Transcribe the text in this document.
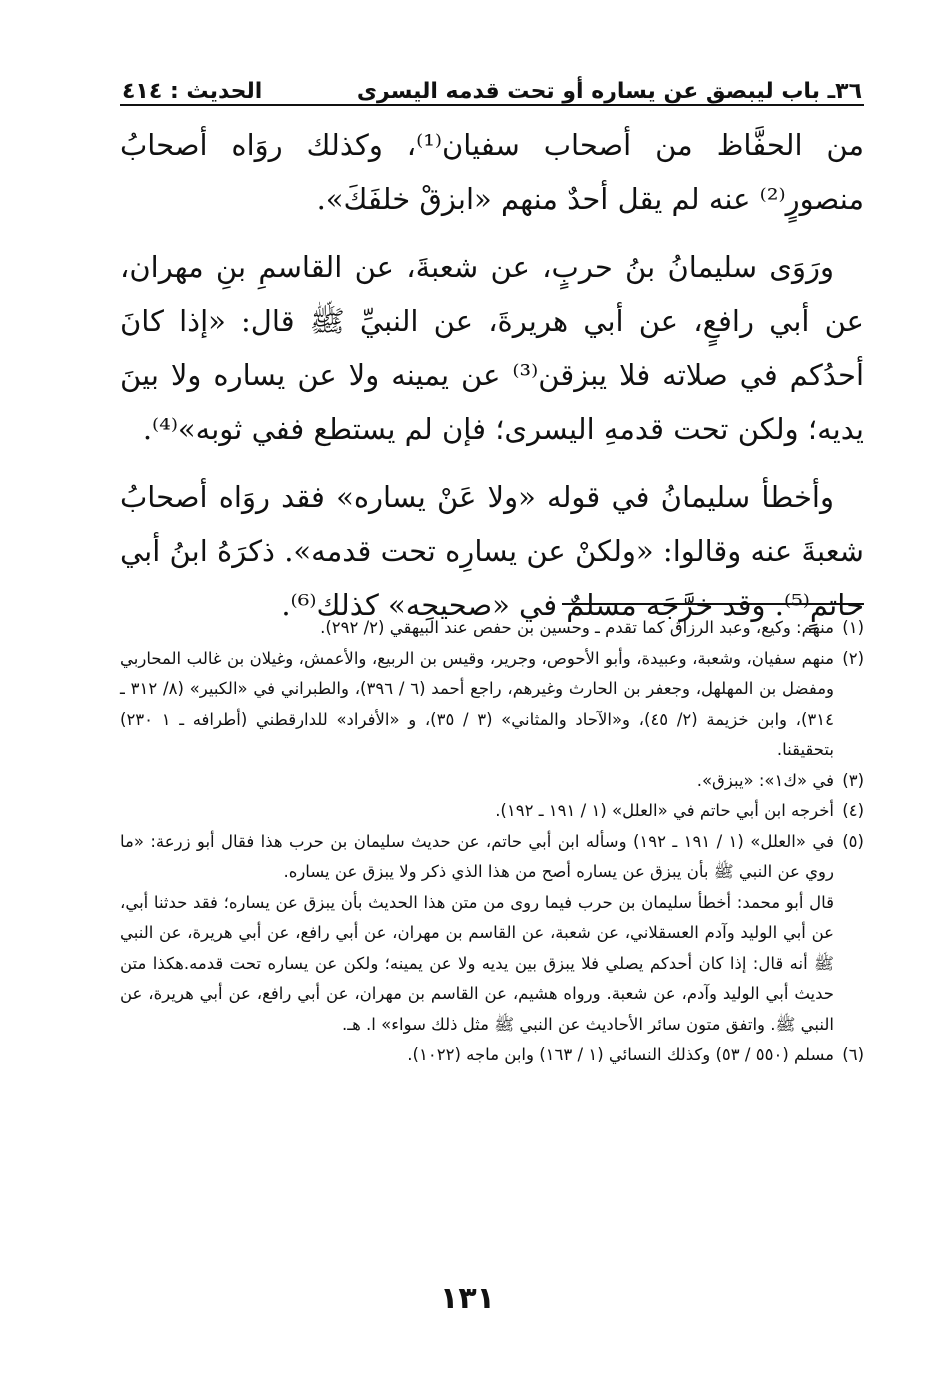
٣٦ـ باب ليبصق عن يساره أو تحت قدمه اليسرى
الحديث : ٤١٤

من الحفَّاظ من أصحاب سفيان⁽¹⁾، وكذلك روَاه أصحابُ منصورٍ⁽²⁾ عنه لم يقل أحدٌ منهم «ابزقْ خلفَكَ».

ورَوَى سليمانُ بنُ حربٍ، عن شعبةَ، عن القاسمِ بنِ مهران، عن أبي رافعٍ، عن أبي هريرةَ، عن النبيِّ ﷺ قال: «إذا كانَ أحدُكم في صلاته فلا يبزقن⁽³⁾ عن يمينه ولا عن يساره ولا بينَ يديه؛ ولكن تحت قدمهِ اليسرى؛ فإن لم يستطع ففي ثوبه»⁽⁴⁾.

وأخطأ سليمانُ في قوله «ولا عَنْ يساره» فقد روَاه أصحابُ شعبةَ عنه وقالوا: «ولكنْ عن يسارِه تحت قدمه». ذكرَهُ ابنُ أبي حاتمٍ⁽⁵⁾. وقد خرَّجَه مسلمٌ في «صحيحِه» كذلك⁽⁶⁾.

(١)منهم: وكيع، وعبد الرزاق كما تقدم ـ وحسين بن حفص عند البيهقي (٢/ ٢٩٢).

(٢)منهم سفيان، وشعبة، وعبيدة، وأبو الأحوص، وجرير، وقيس بن الربيع، والأعمش، وغيلان بن غالب المحاربي ومفضل بن المهلهل، وجعفر بن الحارث وغيرهم، راجع أحمد (٦ / ٣٩٦)، والطبراني في «الكبير» (٨/ ٣١٢ ـ ٣١٤)، وابن خزيمة (٢/ ٤٥)، و«الآحاد والمثاني» (٣ / ٣٥)، و «الأفراد» للدارقطني (أطرافه ـ ١ ٢٣٠) بتحقيقنا.

(٣)في «ك١»: «يبزق».

(٤)أخرجه ابن أبي حاتم في «العلل» (١ / ١٩١ ـ ١٩٢).

(٥)في «العلل» (١ / ١٩١ ـ ١٩٢) وسأله ابن أبي حاتم، عن حديث سليمان بن حرب هذا فقال أبو زرعة: «ما روي عن النبي ﷺ بأن يبزق عن يساره أصح من هذا الذي ذكر ولا يبزق عن يساره.

قال أبو محمد: أخطأ سليمان بن حرب فيما روى من متن هذا الحديث بأن يبزق عن يساره؛ فقد حدثنا أبي، عن أبي الوليد وآدم العسقلاني، عن شعبة، عن القاسم بن مهران، عن أبي رافع، عن أبي هريرة، عن النبي ﷺ أنه قال: إذا كان أحدكم يصلي فلا يبزق بين يديه ولا عن يمينه؛ ولكن عن يساره تحت قدمه.هكذا متن حديث أبي الوليد وآدم، عن شعبة. ورواه هشيم، عن القاسم بن مهران، عن أبي رافع، عن أبي هريرة، عن النبي ﷺ. واتفق متون سائر الأحاديث عن النبي ﷺ مثل ذلك سواء» ا. هـ.

(٦)مسلم (٥٥٠ / ٥٣) وكذلك النسائي (١ / ١٦٣) وابن ماجه (١٠٢٢).

١٣١
